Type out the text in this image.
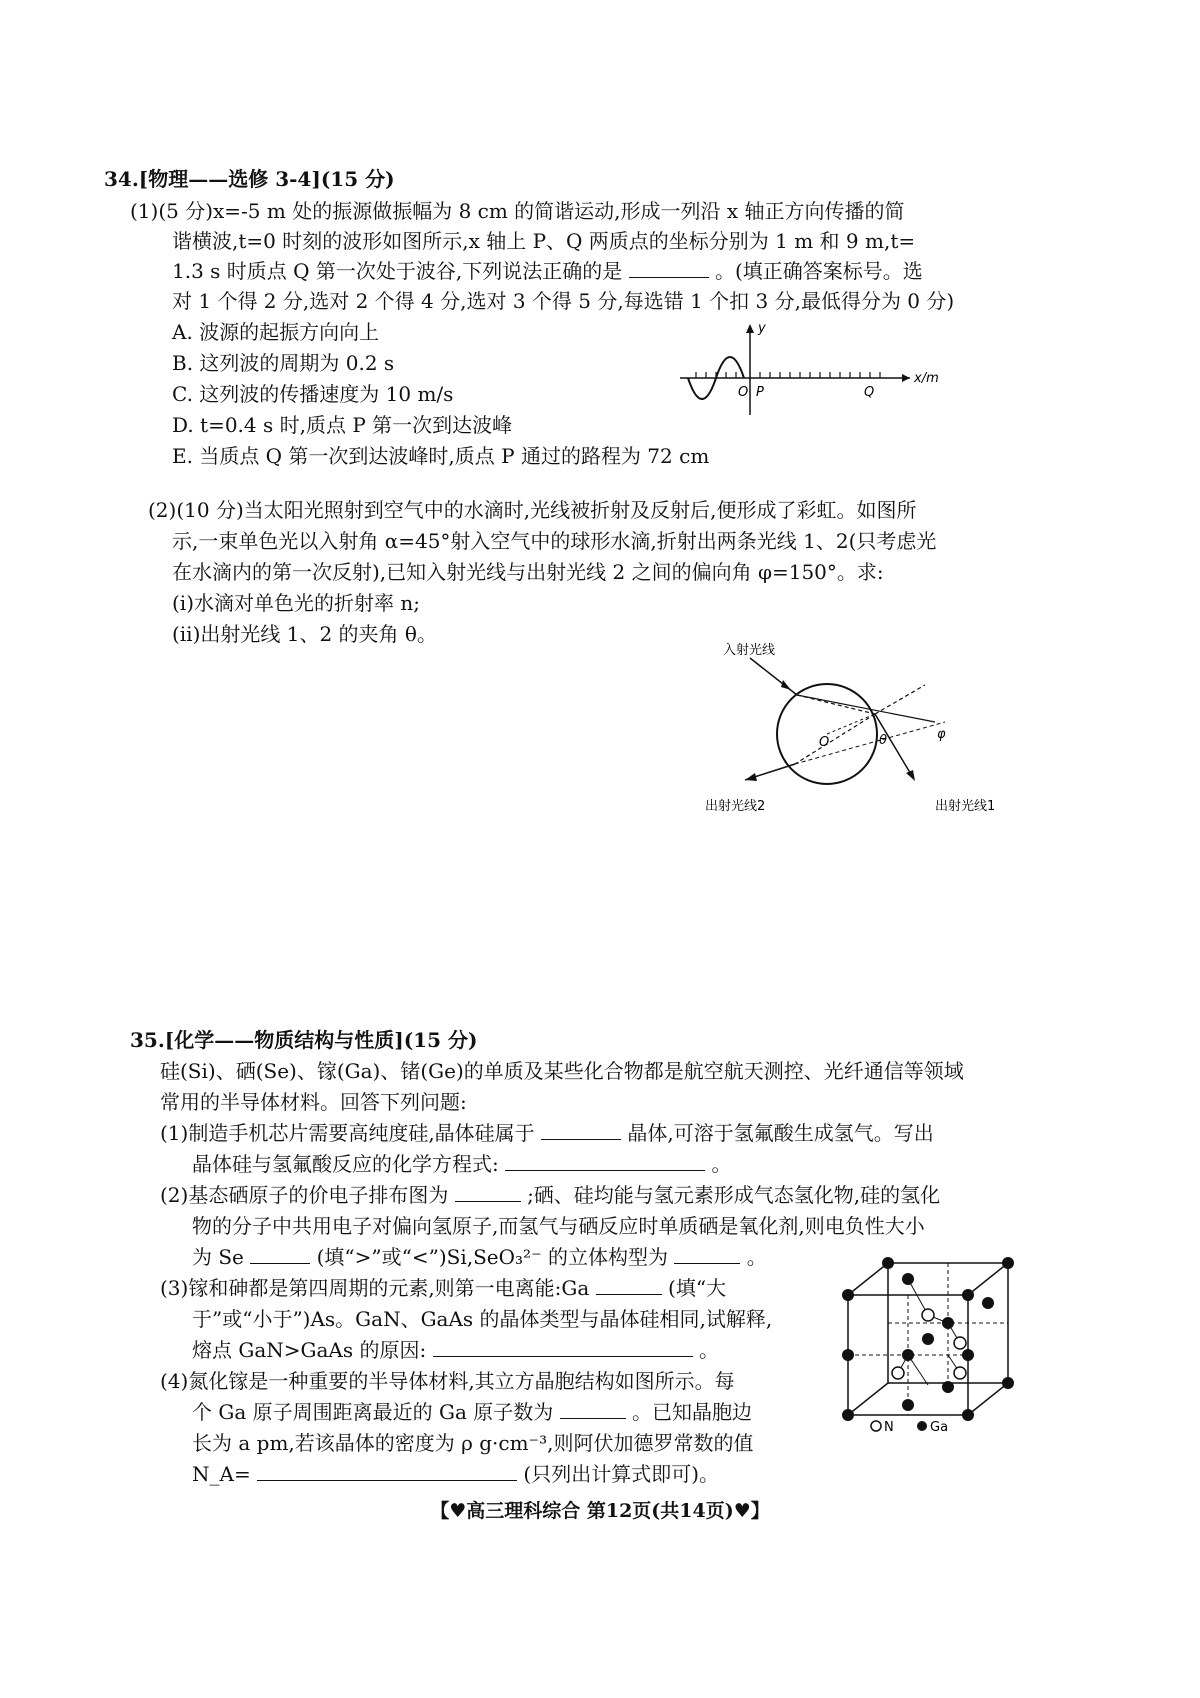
34.[物理——选修 3-4](15 分)
(1)(5 分)x=-5 m 处的振源做振幅为 8 cm 的简谐运动,形成一列沿 x 轴正方向传播的简
谐横波,t=0 时刻的波形如图所示,x 轴上 P、Q 两质点的坐标分别为 1 m 和 9 m,t=
1.3 s 时质点 Q 第一次处于波谷,下列说法正确的是	。(填正确答案标号。选
对 1 个得 2 分,选对 2 个得 4 分,选对 3 个得 5 分,每选错 1 个扣 3 分,最低得分为 0 分)
A. 波源的起振方向向上
B. 这列波的周期为 0.2 s
C. 这列波的传播速度为 10 m/s
D. t=0.4 s 时,质点 P 第一次到达波峰
E. 当质点 Q 第一次到达波峰时,质点 P 通过的路程为 72 cm
y
x/m
O P	Q
(2)(10 分)当太阳光照射到空气中的水滴时,光线被折射及反射后,便形成了彩虹。如图所
示,一束单色光以入射角 α=45°射入空气中的球形水滴,折射出两条光线 1、2(只考虑光
在水滴内的第一次反射),已知入射光线与出射光线 2 之间的偏向角 φ=150°。求:
(ⅰ)水滴对单色光的折射率 n;
(ⅱ)出射光线 1、2 的夹角 θ。
入射光线
出射光线2	出射光线1
O	θ	φ
35.[化学——物质结构与性质](15 分)
硅(Si)、硒(Se)、镓(Ga)、锗(Ge)的单质及某些化合物都是航空航天测控、光纤通信等领域
常用的半导体材料。回答下列问题:
(1)制造手机芯片需要高纯度硅,晶体硅属于	晶体,可溶于氢氟酸生成氢气。写出
晶体硅与氢氟酸反应的化学方程式:	。
(2)基态硒原子的价电子排布图为	;硒、硅均能与氢元素形成气态氢化物,硅的氢化
物的分子中共用电子对偏向氢原子,而氢气与硒反应时单质硒是氧化剂,则电负性大小
为 Se	(填“>”或“<”)Si,SeO₃²⁻ 的立体构型为	。
(3)镓和砷都是第四周期的元素,则第一电离能:Ga	(填“大
于”或“小于”)As。GaN、GaAs 的晶体类型与晶体硅相同,试解释,
熔点 GaN>GaAs 的原因:	。
(4)氮化镓是一种重要的半导体材料,其立方晶胞结构如图所示。每
个 Ga 原子周围距离最近的 Ga 原子数为	。已知晶胞边
N	Ga
长为 a pm,若该晶体的密度为 ρ g·cm⁻³,则阿伏加德罗常数的值
N_A=	(只列出计算式即可)。
【♥高三理科综合 第12页(共14页)♥】
